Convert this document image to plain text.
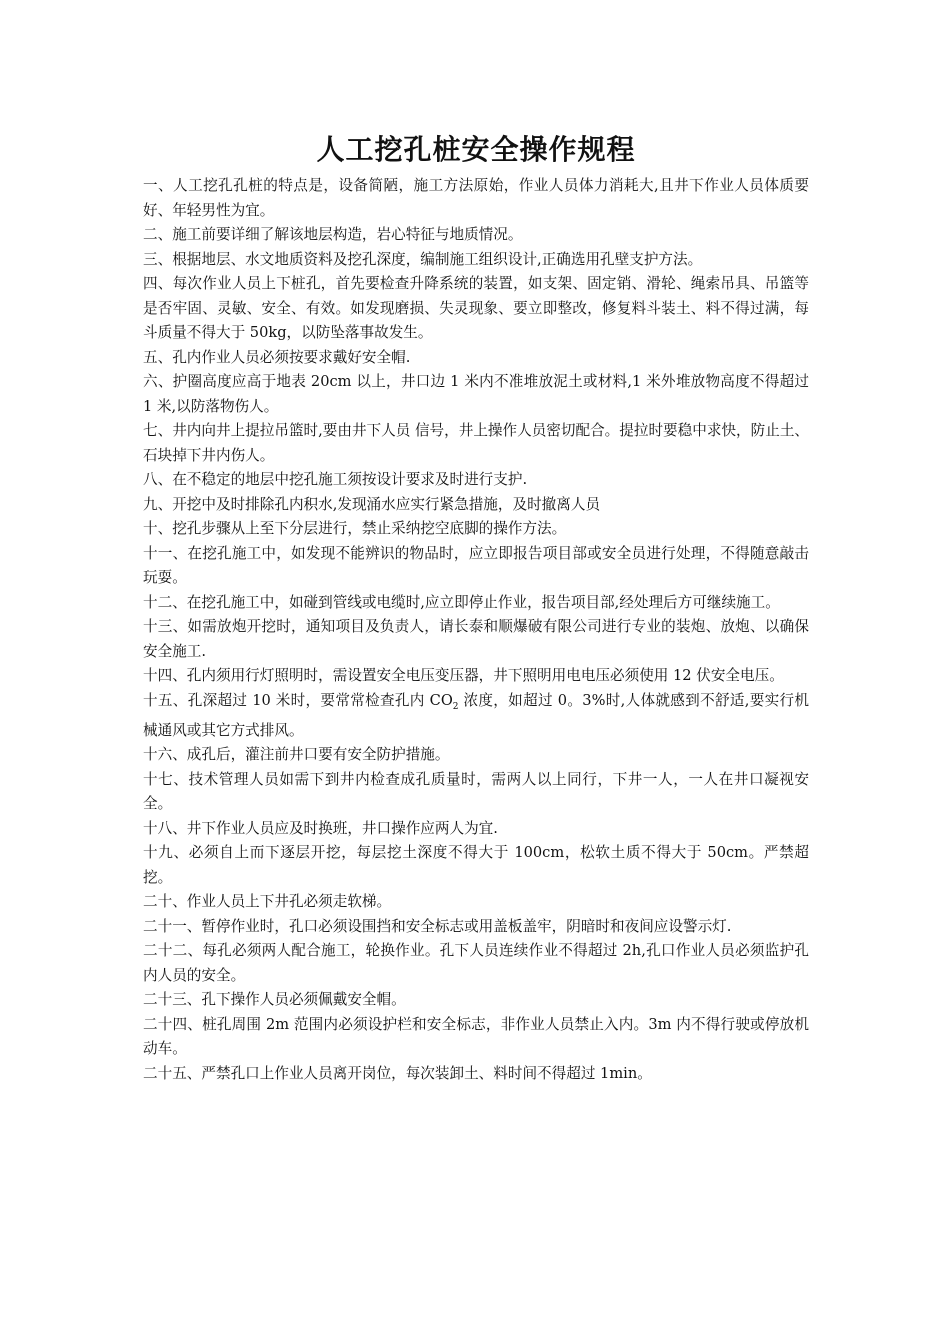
人工挖孔桩安全操作规程

一、人工挖孔孔桩的特点是，设备简陋，施工方法原始，作业人员体力消耗大,且井下作业人员体质要好、年轻男性为宜。

二、施工前要详细了解该地层构造，岩心特征与地质情况。

三、根据地层、水文地质资料及挖孔深度，编制施工组织设计,正确选用孔壁支护方法。

四、每次作业人员上下桩孔，首先要检查升降系统的装置，如支架、固定销、滑轮、绳索吊具、吊篮等是否牢固、灵敏、安全、有效。如发现磨损、失灵现象、要立即整改，修复料斗装土、料不得过满，每斗质量不得大于 50kg，以防坠落事故发生。

五、孔内作业人员必须按要求戴好安全帽.

六、护圈高度应高于地表 20cm 以上，井口边 1 米内不准堆放泥土或材料,1 米外堆放物高度不得超过 1 米,以防落物伤人。

七、井内向井上提拉吊篮时,要由井下人员 信号，井上操作人员密切配合。提拉时要稳中求快，防止土、石块掉下井内伤人。

八、在不稳定的地层中挖孔施工须按设计要求及时进行支护.

九、开挖中及时排除孔内积水,发现涌水应实行紧急措施，及时撤离人员

十、挖孔步骤从上至下分层进行，禁止采纳挖空底脚的操作方法。

十一、在挖孔施工中，如发现不能辨识的物品时，应立即报告项目部或安全员进行处理，不得随意敲击玩耍。

十二、在挖孔施工中，如碰到管线或电缆时,应立即停止作业，报告项目部,经处理后方可继续施工。

十三、如需放炮开挖时，通知项目及负责人，请长泰和顺爆破有限公司进行专业的装炮、放炮、以确保安全施工.

十四、孔内须用行灯照明时，需设置安全电压变压器，井下照明用电电压必须使用 12 伏安全电压。

十五、孔深超过 10 米时，要常常检查孔内 $CO_2$ 浓度，如超过 0。3%时,人体就感到不舒适,要实行机械通风或其它方式排风。

十六、成孔后，灌注前井口要有安全防护措施。

十七、技术管理人员如需下到井内检查成孔质量时，需两人以上同行，下井一人，一人在井口凝视安全。

十八、井下作业人员应及时换班，井口操作应两人为宜.

十九、必须自上而下逐层开挖，每层挖土深度不得大于 100cm，松软土质不得大于 50cm。严禁超挖。

二十、作业人员上下井孔必须走软梯。

二十一、暂停作业时，孔口必须设围挡和安全标志或用盖板盖牢，阴暗时和夜间应设警示灯.

二十二、每孔必须两人配合施工，轮换作业。孔下人员连续作业不得超过 2h,孔口作业人员必须监护孔内人员的安全。

二十三、孔下操作人员必须佩戴安全帽。

二十四、桩孔周围 2m 范围内必须设护栏和安全标志，非作业人员禁止入内。3m 内不得行驶或停放机动车。

二十五、严禁孔口上作业人员离开岗位，每次装卸土、料时间不得超过 1min。
